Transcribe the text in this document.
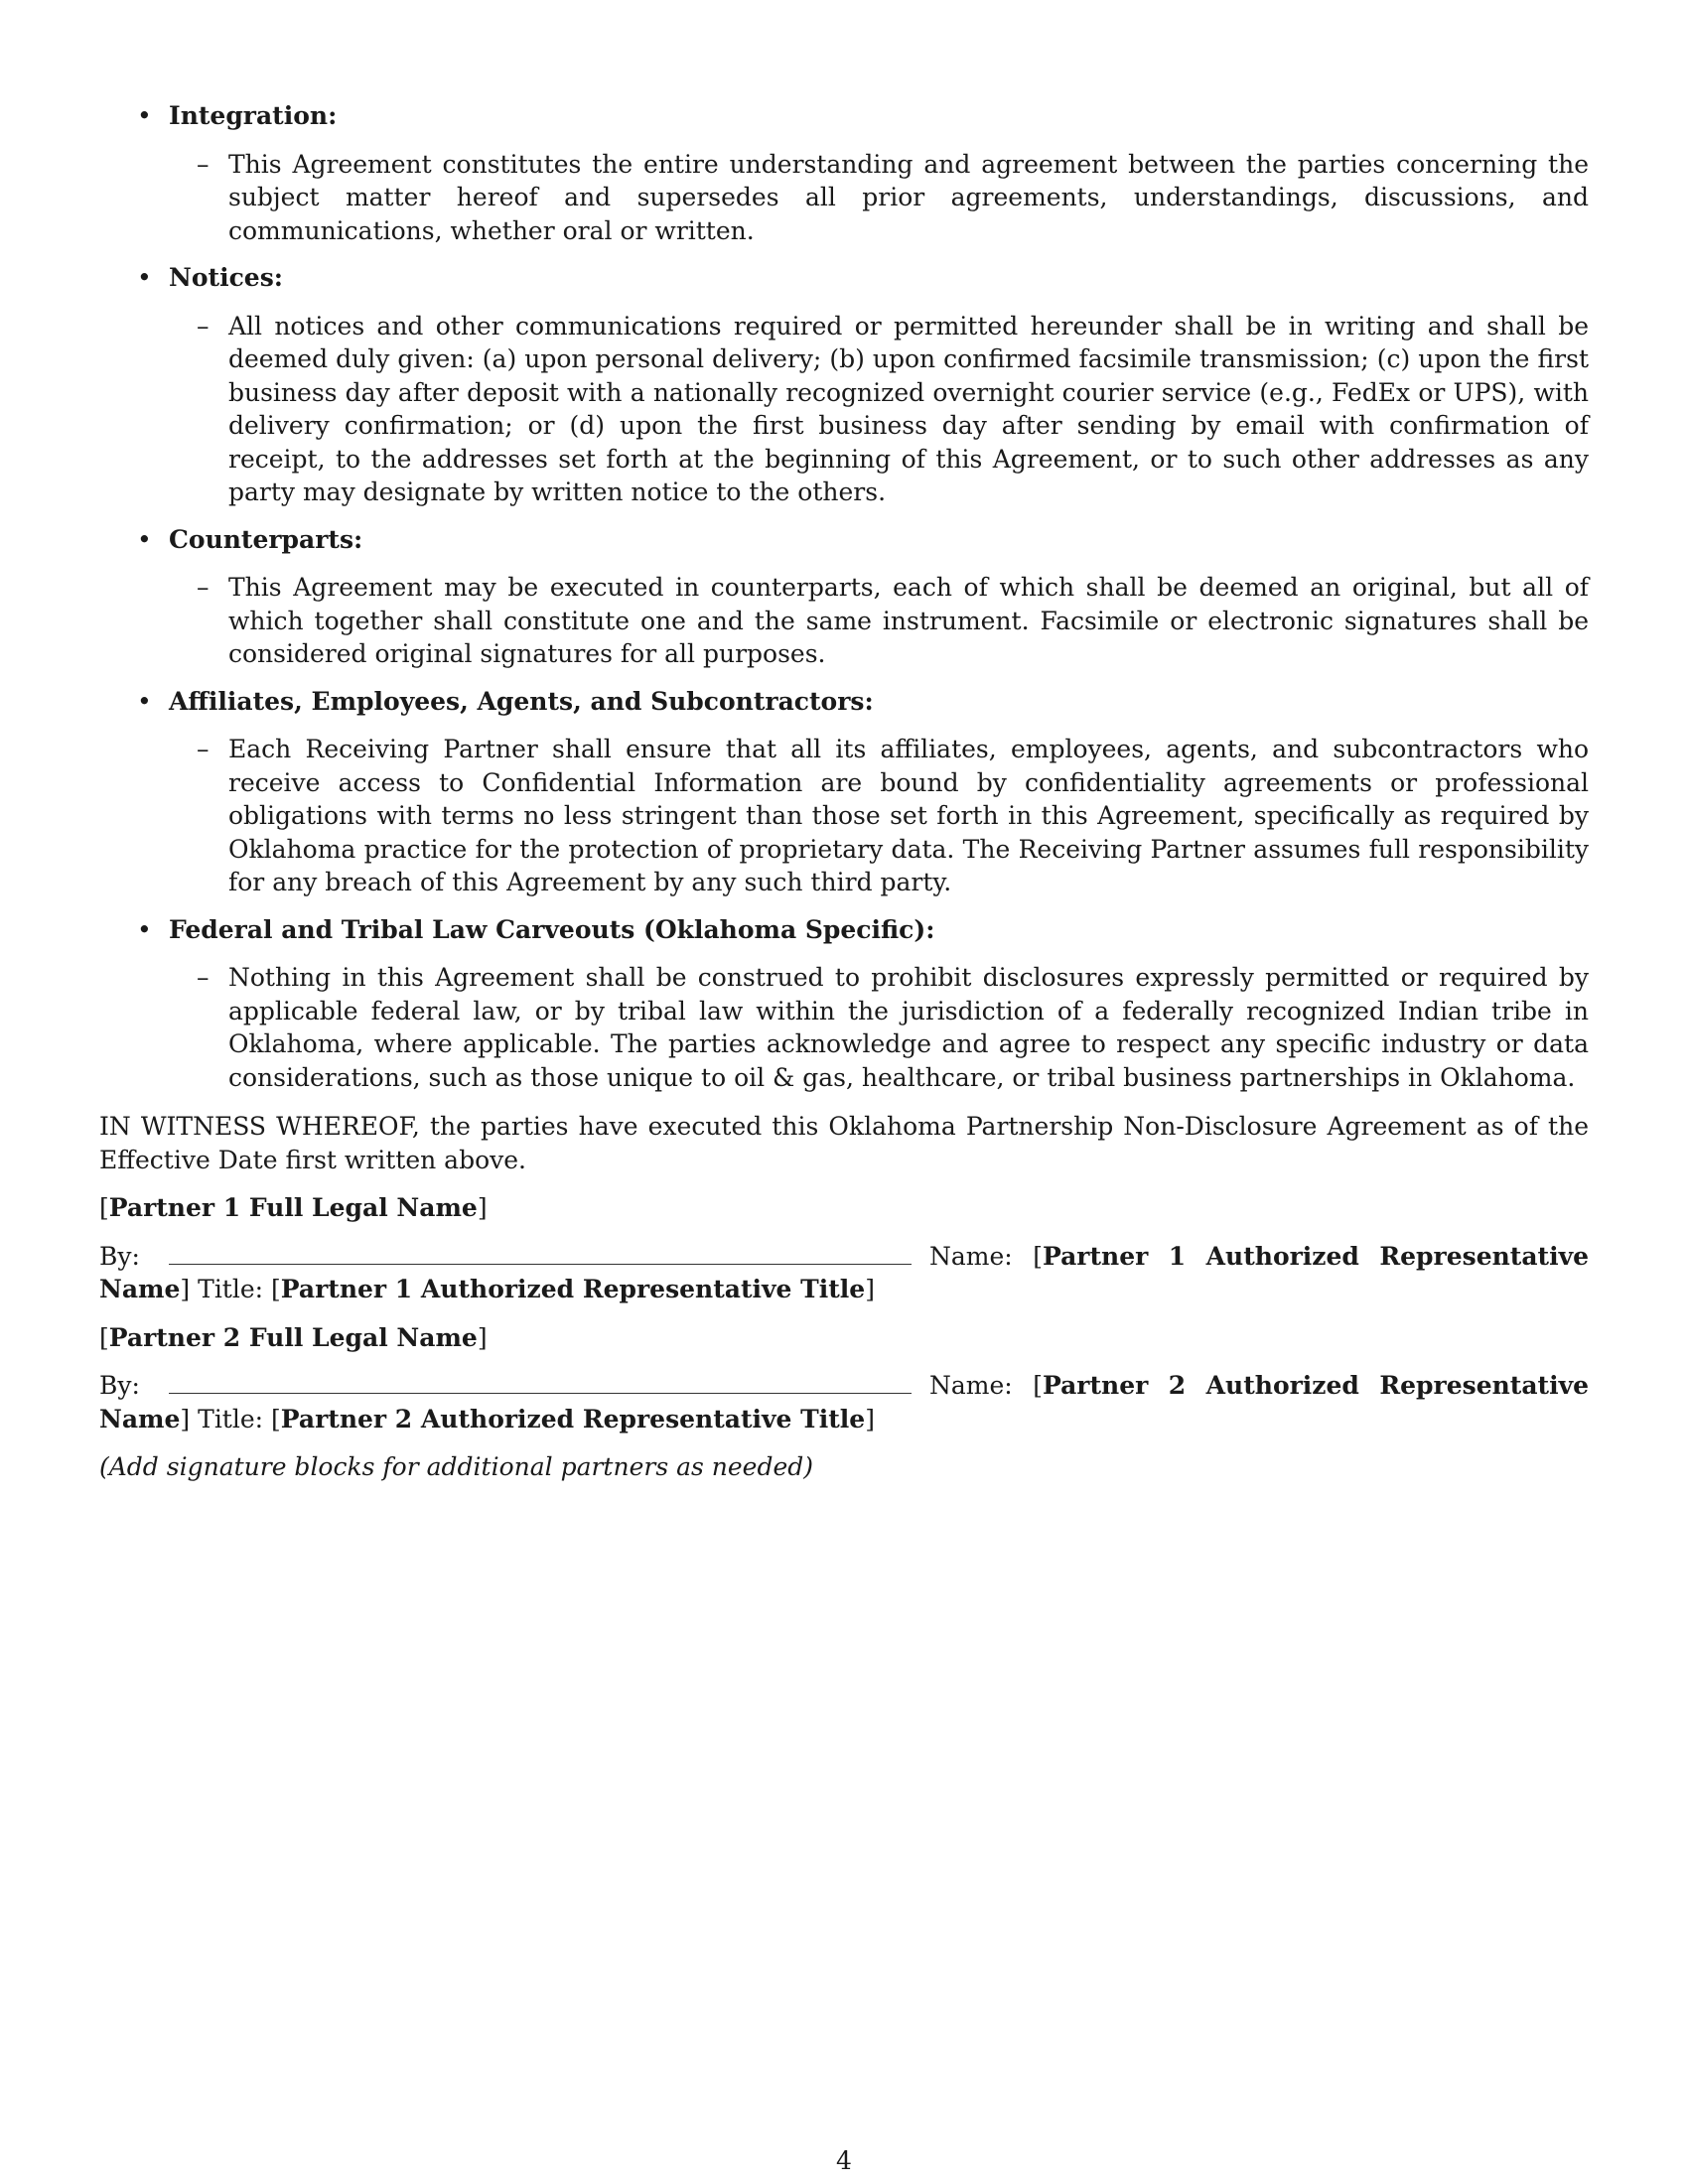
• Integration:
– This Agreement constitutes the entire understanding and agreement between the parties concerning the subject matter hereof and supersedes all prior agreements, understandings, discussions, and communications, whether oral or written.
• Notices:
– All notices and other communications required or permitted hereunder shall be in writing and shall be deemed duly given: (a) upon personal delivery; (b) upon confirmed facsimile transmission; (c) upon the first business day after deposit with a nationally recognized overnight courier service (e.g., FedEx or UPS), with delivery confirmation; or (d) upon the first business day after sending by email with confirmation of receipt, to the addresses set forth at the beginning of this Agreement, or to such other addresses as any party may designate by written notice to the others.
• Counterparts:
– This Agreement may be executed in counterparts, each of which shall be deemed an original, but all of which together shall constitute one and the same instrument. Facsimile or electronic signatures shall be considered original signatures for all purposes.
• Affiliates, Employees, Agents, and Subcontractors:
– Each Receiving Partner shall ensure that all its affiliates, employees, agents, and subcontractors who receive access to Confidential Information are bound by confidentiality agreements or professional obligations with terms no less stringent than those set forth in this Agreement, specifically as required by Oklahoma practice for the protection of proprietary data. The Receiving Partner assumes full responsibility for any breach of this Agreement by any such third party.
• Federal and Tribal Law Carveouts (Oklahoma Specific):
– Nothing in this Agreement shall be construed to prohibit disclosures expressly permitted or required by applicable federal law, or by tribal law within the jurisdiction of a federally recognized Indian tribe in Oklahoma, where applicable. The parties acknowledge and agree to respect any specific industry or data considerations, such as those unique to oil & gas, healthcare, or tribal business partnerships in Oklahoma.
IN WITNESS WHEREOF, the parties have executed this Oklahoma Partnership Non-Disclosure Agreement as of the Effective Date first written above.
[Partner 1 Full Legal Name]
By:	Name: [Partner 1 Authorized Representative
Name] Title: [Partner 1 Authorized Representative Title]
[Partner 2 Full Legal Name]
By:	Name: [Partner 2 Authorized Representative
Name] Title: [Partner 2 Authorized Representative Title]
(Add signature blocks for additional partners as needed)
4
